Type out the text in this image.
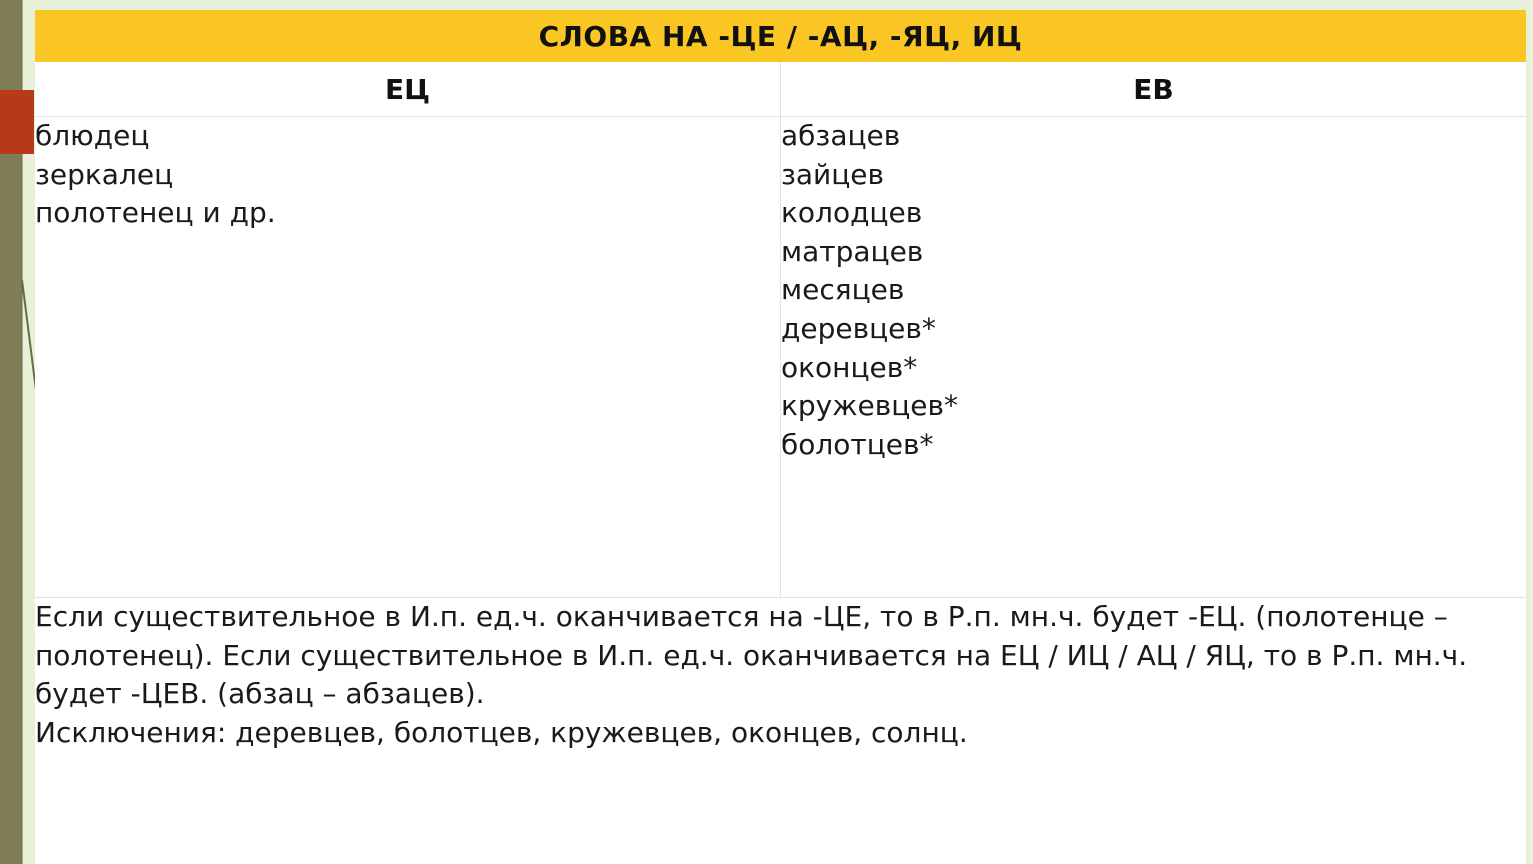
СЛОВА НА -ЦЕ / -АЦ, -ЯЦ, ИЦ
ЕЦ	ЕВ
блюдец
зеркалец
полотенец и др.
абзацев
зайцев
колодцев
матрацев
месяцев
деревцев*
оконцев*
кружевцев*
болотцев*

Если существительное в И.п. ед.ч. оканчивается на -ЦЕ, то в Р.п. мн.ч. будет -ЕЦ. (полотенце – полотенец). Если существительное в И.п. ед.ч. оканчивается на ЕЦ / ИЦ / АЦ / ЯЦ, то в Р.п. мн.ч. будет -ЦЕВ. (абзац – абзацев).

Исключения: деревцев, болотцев, кружевцев, оконцев, солнц.
